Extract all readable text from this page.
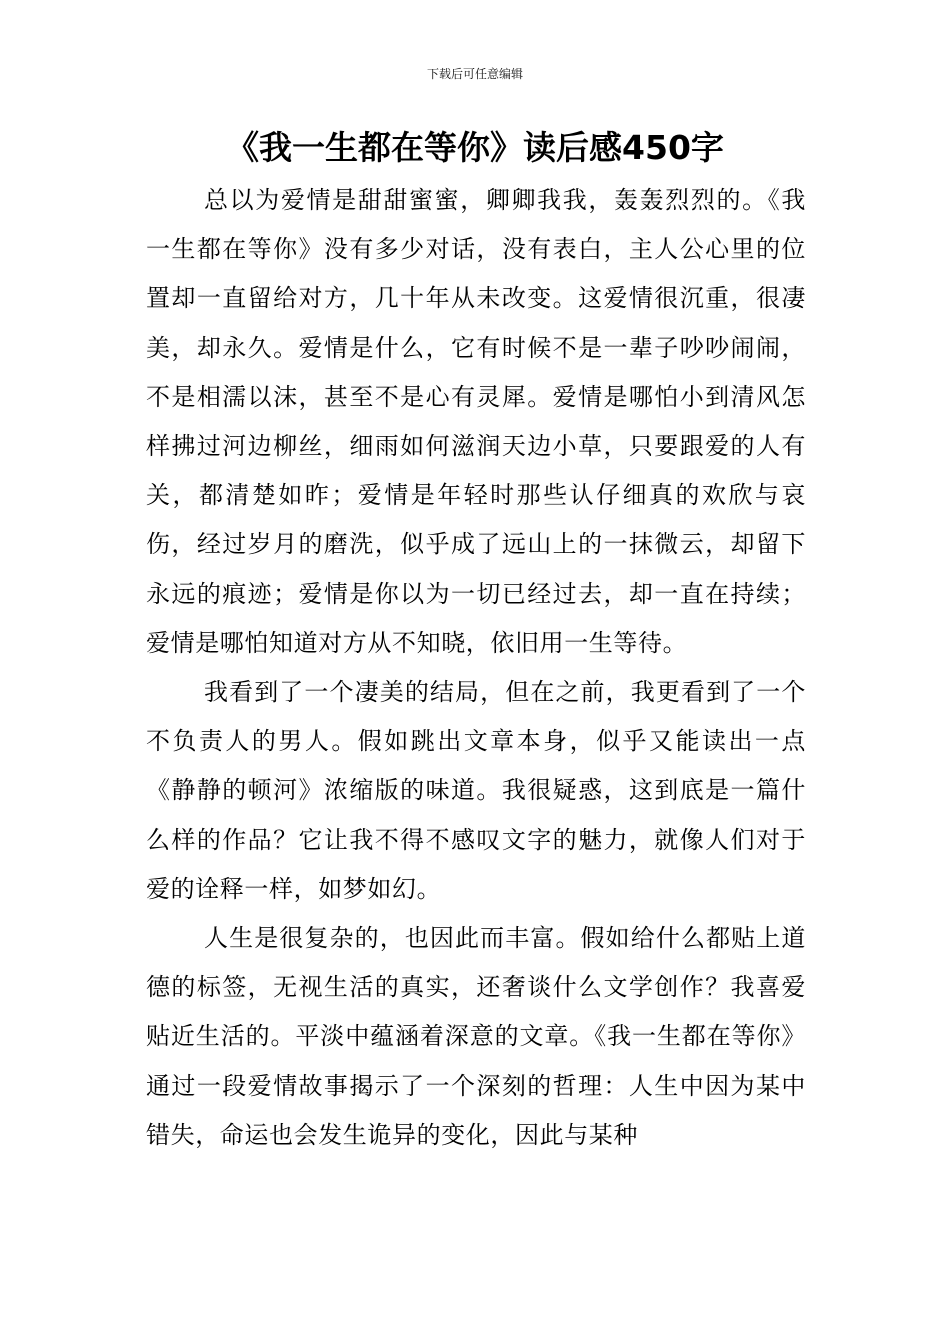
下载后可任意编辑
《我一生都在等你》读后感450字

总以为爱情是甜甜蜜蜜，卿卿我我，轰轰烈烈的。《我一生都在等你》没有多少对话，没有表白，主人公心里的位置却一直留给对方，几十年从未改变。这爱情很沉重，很凄美，却永久。爱情是什么，它有时候不是一辈子吵吵闹闹，不是相濡以沫，甚至不是心有灵犀。爱情是哪怕小到清风怎样拂过河边柳丝，细雨如何滋润天边小草，只要跟爱的人有关，都清楚如昨；爱情是年轻时那些认仔细真的欢欣与哀伤，经过岁月的磨洗，似乎成了远山上的一抹微云，却留下永远的痕迹；爱情是你以为一切已经过去，却一直在持续；爱情是哪怕知道对方从不知晓，依旧用一生等待。

我看到了一个凄美的结局，但在之前，我更看到了一个不负责人的男人。假如跳出文章本身，似乎又能读出一点《静静的顿河》浓缩版的味道。我很疑惑，这到底是一篇什么样的作品？它让我不得不感叹文字的魅力，就像人们对于爱的诠释一样，如梦如幻。

人生是很复杂的，也因此而丰富。假如给什么都贴上道德的标签，无视生活的真实，还奢谈什么文学创作？我喜爱贴近生活的。平淡中蕴涵着深意的文章。《我一生都在等你》通过一段爱情故事揭示了一个深刻的哲理：人生中因为某中错失，命运也会发生诡异的变化，因此与某种
